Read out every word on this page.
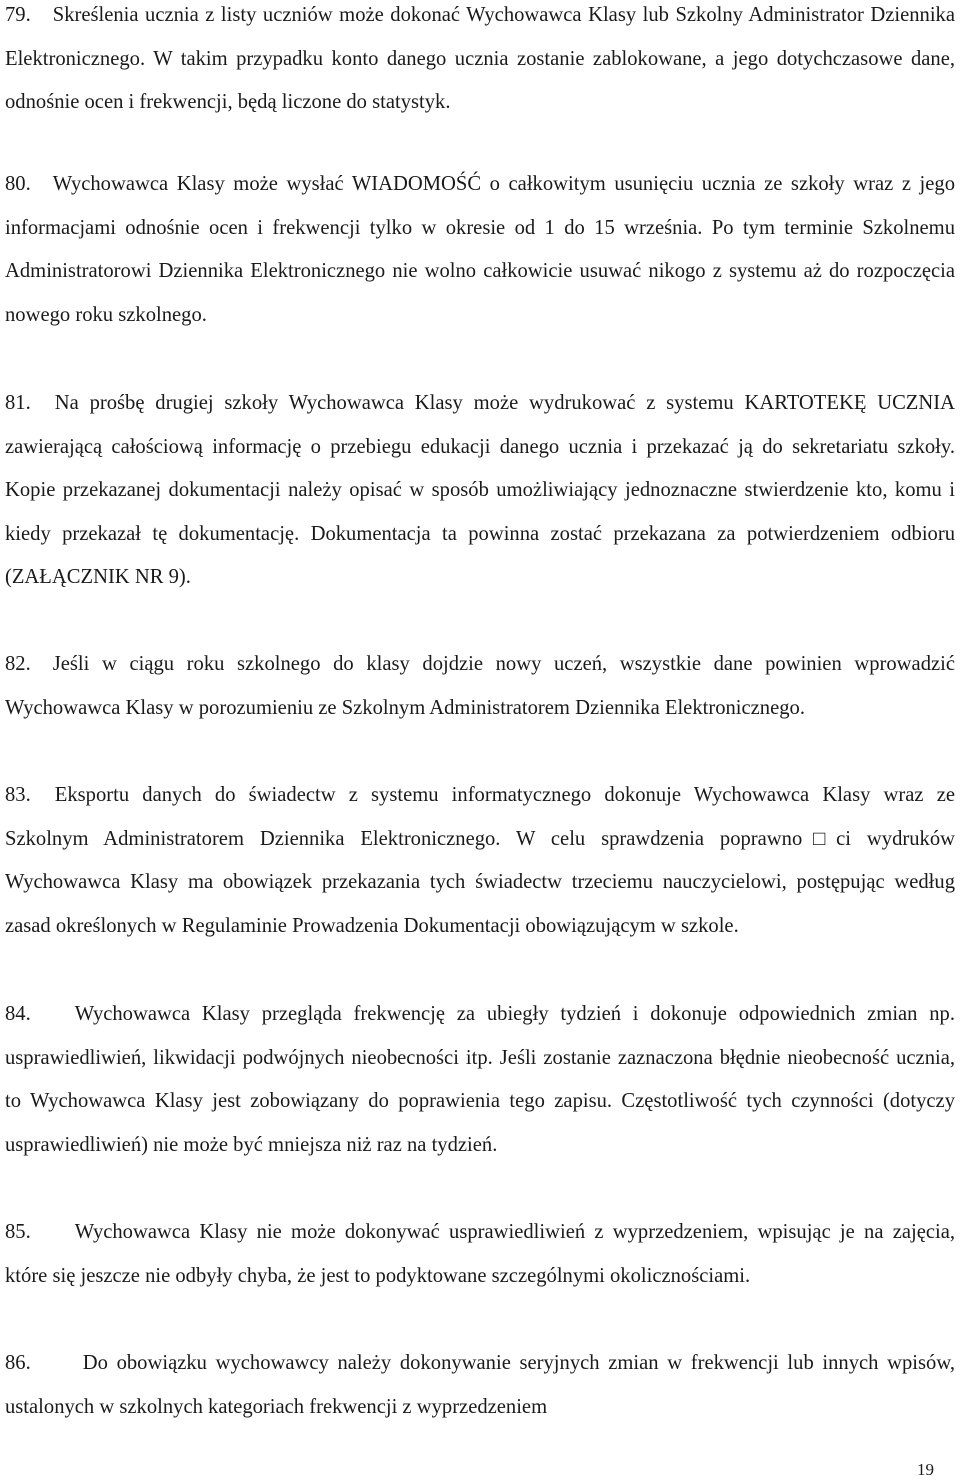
79. Skreślenia ucznia z listy uczniów może dokonać Wychowawca Klasy lub Szkolny Administrator Dziennika Elektronicznego. W takim przypadku konto danego ucznia zostanie zablokowane, a jego dotychczasowe dane, odnośnie ocen i frekwencji, będą liczone do statystyk.

80. Wychowawca Klasy może wysłać WIADOMOŚĆ o całkowitym usunięciu ucznia ze szkoły wraz z jego informacjami odnośnie ocen i frekwencji tylko w okresie od 1 do 15 września. Po tym terminie Szkolnemu Administratorowi Dziennika Elektronicznego nie wolno całkowicie usuwać nikogo z systemu aż do rozpoczęcia nowego roku szkolnego.

81. Na prośbę drugiej szkoły Wychowawca Klasy może wydrukować z systemu KARTOTEKĘ UCZNIA zawierającą całościową informację o przebiegu edukacji danego ucznia i przekazać ją do sekretariatu szkoły. Kopie przekazanej dokumentacji należy opisać w sposób umożliwiający jednoznaczne stwierdzenie kto, komu i kiedy przekazał tę dokumentację. Dokumentacja ta powinna zostać przekazana za potwierdzeniem odbioru (ZAŁĄCZNIK NR 9).

82. Jeśli w ciągu roku szkolnego do klasy dojdzie nowy uczeń, wszystkie dane powinien wprowadzić Wychowawca Klasy w porozumieniu ze Szkolnym Administratorem Dziennika Elektronicznego.

83. Eksportu danych do świadectw z systemu informatycznego dokonuje Wychowawca Klasy wraz ze Szkolnym Administratorem Dziennika Elektronicznego. W celu sprawdzenia poprawno□ci wydruków Wychowawca Klasy ma obowiązek przekazania tych świadectw trzeciemu nauczycielowi, postępując według zasad określonych w Regulaminie Prowadzenia Dokumentacji obowiązującym w szkole.

84. Wychowawca Klasy przegląda frekwencję za ubiegły tydzień i dokonuje odpowiednich zmian np. usprawiedliwień, likwidacji podwójnych nieobecności itp. Jeśli zostanie zaznaczona błędnie nieobecność ucznia, to Wychowawca Klasy jest zobowiązany do poprawienia tego zapisu. Częstotliwość tych czynności (dotyczy usprawiedliwień) nie może być mniejsza niż raz na tydzień.

85. Wychowawca Klasy nie może dokonywać usprawiedliwień z wyprzedzeniem, wpisując je na zajęcia, które się jeszcze nie odbyły chyba, że jest to podyktowane szczególnymi okolicznościami.

86.	Do obowiązku wychowawcy należy dokonywanie seryjnych zmian w frekwencji lub innych wpisów, ustalonych w szkolnych kategoriach frekwencji z wyprzedzeniem

19
